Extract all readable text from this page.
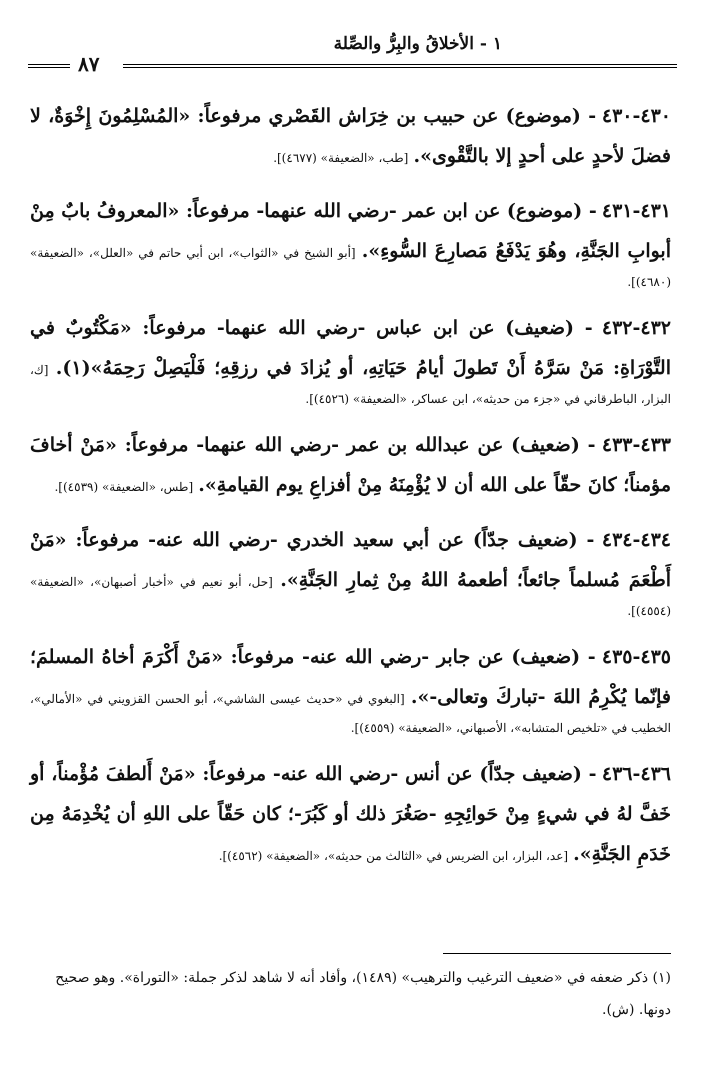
١ - الأخلاقُ والبِرُّ والصِّلة
٨٧
٤٣٠-٤٣٠ - (موضوع) عن حبيب بن خِرَاش القَصْري مرفوعاً: «المُسْلِمُونَ إِخْوَةٌ، لا فضلَ لأحدٍ على أحدٍ إلا بالتَّقْوى». [طب، «الضعيفة» (٤٦٧٧)].
٤٣١-٤٣١ - (موضوع) عن ابن عمر -رضي الله عنهما- مرفوعاً: «المعروفُ بابٌ مِنْ أبوابِ الجَنَّةِ، وهُوَ يَدْفَعُ مَصارِعَ السُّوءِ». [أبو الشيخ في «الثواب»، ابن أبي حاتم في «العلل»، «الضعيفة» (٤٦٨٠)].
٤٣٢-٤٣٢ - (ضعيف) عن ابن عباس -رضي الله عنهما- مرفوعاً: «مَكْتُوبٌ في التَّوْرَاةِ: مَنْ سَرَّهُ أَنْ تَطولَ أيامُ حَيَاتِهِ، أو يُزادَ في رزقِهِ؛ فَلْيَصِلْ رَحِمَهُ»(١). [ك، البزار، الباطرقاني في «جزء من حديثه»، ابن عساكر، «الضعيفة» (٤٥٢٦)].
٤٣٣-٤٣٣ - (ضعيف) عن عبدالله بن عمر -رضي الله عنهما- مرفوعاً: «مَنْ أخافَ مؤمناً؛ كانَ حقّاً على الله أن لا يُؤْمِنَهُ مِنْ أفزاعِ يوم القيامةِ». [طس، «الضعيفة» (٤٥٣٩)].
٤٣٤-٤٣٤ - (ضعيف جدّاً) عن أبي سعيد الخدري -رضي الله عنه- مرفوعاً: «مَنْ أَطْعَمَ مُسلماً جائعاً؛ أطعمهُ اللهُ مِنْ ثِمارِ الجَنَّةِ». [حل، أبو نعيم في «أخبار أصبهان»، «الضعيفة» (٤٥٥٤)].
٤٣٥-٤٣٥ - (ضعيف) عن جابر -رضي الله عنه- مرفوعاً: «مَنْ أَكْرَمَ أخاهُ المسلمَ؛ فإنّما يُكْرِمُ اللهَ -تباركَ وتعالى-». [البغوي في «حديث عيسى الشاشي»، أبو الحسن القزويني في «الأمالي»، الخطيب في «تلخيص المتشابه»، الأصبهاني، «الضعيفة» (٤٥٥٩)].
٤٣٦-٤٣٦ - (ضعيف جدّاً) عن أنس -رضي الله عنه- مرفوعاً: «مَنْ أَلطفَ مُؤْمناً، أو خَفَّ لهُ في شيءٍ مِنْ حَوائِجِهِ -صَغُرَ ذلك أو كَبُرَ-؛ كان حَقّاً على اللهِ أن يُخْدِمَهُ مِن خَدَمِ الجَنَّةِ». [عد، البزار، ابن الضريس في «الثالث من حديثه»، «الضعيفة» (٤٥٦٢)].
(١) ذكر ضعفه في «ضعيف الترغيب والترهيب» (١٤٨٩)، وأفاد أنه لا شاهد لذكر جملة: «التوراة». وهو صحيح دونها. (ش).
